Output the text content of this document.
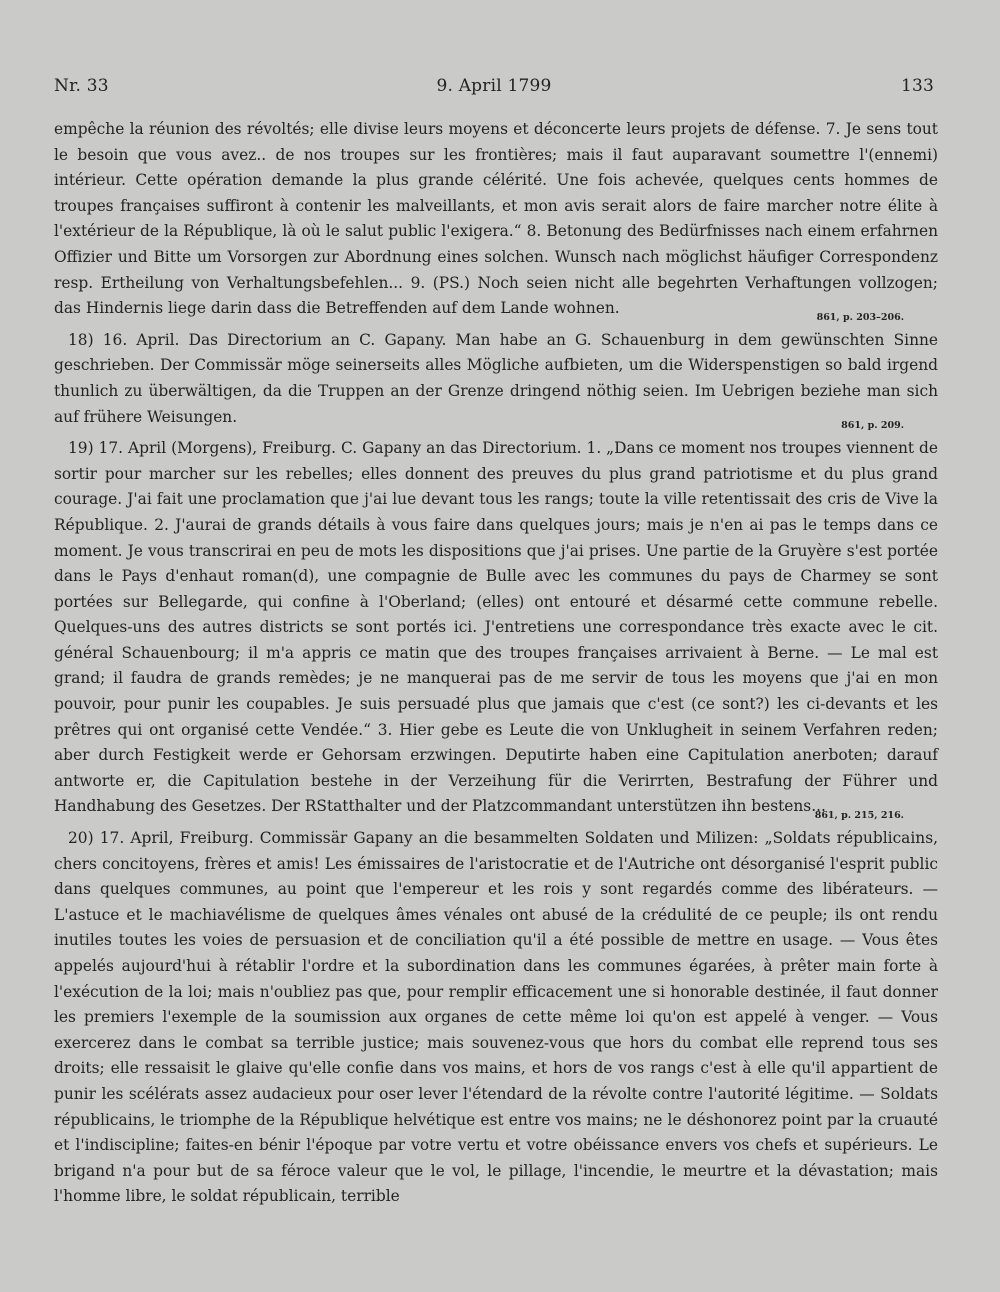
Nr. 33	9. April 1799	133

empêche la réunion des révoltés; elle divise leurs moyens et déconcerte leurs projets de défense. 7. Je sens tout le besoin que vous avez.. de nos troupes sur les frontières; mais il faut auparavant soumettre l'(ennemi) intérieur. Cette opération demande la plus grande célérité. Une fois achevée, quelques cents hommes de troupes françaises suffiront à contenir les malveillants, et mon avis serait alors de faire marcher notre élite à l'extérieur de la République, là où le salut public l'exigera.“ 8. Betonung des Bedürfnisses nach einem erfahrnen Offizier und Bitte um Vorsorgen zur Abordnung eines solchen. Wunsch nach möglichst häufiger Correspondenz resp. Ertheilung von Verhaltungsbefehlen... 9. (PS.) Noch seien nicht alle begehrten Verhaftungen vollzogen; das Hindernis liege darin dass die Betreffenden auf dem Lande wohnen.

861, p. 203–206.

18) 16. April. Das Directorium an C. Gapany. Man habe an G. Schauenburg in dem gewünschten Sinne geschrieben. Der Commissär möge seinerseits alles Mögliche aufbieten, um die Widerspenstigen so bald irgend thunlich zu überwältigen, da die Truppen an der Grenze dringend nöthig seien. Im Uebrigen beziehe man sich auf frühere Weisungen.

861, p. 209.

19) 17. April (Morgens), Freiburg. C. Gapany an das Directorium. 1. „Dans ce moment nos troupes viennent de sortir pour marcher sur les rebelles; elles donnent des preuves du plus grand patriotisme et du plus grand courage. J'ai fait une proclamation que j'ai lue devant tous les rangs; toute la ville retentissait des cris de Vive la République. 2. J'aurai de grands détails à vous faire dans quelques jours; mais je n'en ai pas le temps dans ce moment. Je vous transcrirai en peu de mots les dispositions que j'ai prises. Une partie de la Gruyère s'est portée dans le Pays d'enhaut roman(d), une compagnie de Bulle avec les communes du pays de Charmey se sont portées sur Bellegarde, qui confine à l'Oberland; (elles) ont entouré et désarmé cette commune rebelle. Quelques-uns des autres districts se sont portés ici. J'entretiens une correspondance très exacte avec le cit. général Schauenbourg; il m'a appris ce matin que des troupes françaises arrivaient à Berne. — Le mal est grand; il faudra de grands remèdes; je ne manquerai pas de me servir de tous les moyens que j'ai en mon pouvoir, pour punir les coupables. Je suis persuadé plus que jamais que c'est (ce sont?) les ci-devants et les prêtres qui ont organisé cette Vendée.“ 3. Hier gebe es Leute die von Unklugheit in seinem Verfahren reden; aber durch Festigkeit werde er Gehorsam erzwingen. Deputirte haben eine Capitulation anerboten; darauf antworte er, die Capitulation bestehe in der Verzeihung für die Verirrten, Bestrafung der Führer und Handhabung des Gesetzes. Der RStatthalter und der Platzcommandant unterstützen ihn bestens...

861, p. 215, 216.

20) 17. April, Freiburg. Commissär Gapany an die besammelten Soldaten und Milizen: „Soldats républicains, chers concitoyens, frères et amis! Les émissaires de l'aristocratie et de l'Autriche ont désorganisé l'esprit public dans quelques communes, au point que l'empereur et les rois y sont regardés comme des libérateurs. — L'astuce et le machiavélisme de quelques âmes vénales ont abusé de la crédulité de ce peuple; ils ont rendu inutiles toutes les voies de persuasion et de conciliation qu'il a été possible de mettre en usage. — Vous êtes appelés aujourd'hui à rétablir l'ordre et la subordination dans les communes égarées, à prêter main forte à l'exécution de la loi; mais n'oubliez pas que, pour remplir efficacement une si honorable destinée, il faut donner les premiers l'exemple de la soumission aux organes de cette même loi qu'on est appelé à venger. — Vous exercerez dans le combat sa terrible justice; mais souvenez-vous que hors du combat elle reprend tous ses droits; elle ressaisit le glaive qu'elle confie dans vos mains, et hors de vos rangs c'est à elle qu'il appartient de punir les scélérats assez audacieux pour oser lever l'étendard de la révolte contre l'autorité légitime. — Soldats républicains, le triomphe de la République helvétique est entre vos mains; ne le déshonorez point par la cruauté et l'indiscipline; faites-en bénir l'époque par votre vertu et votre obéissance envers vos chefs et supérieurs. Le brigand n'a pour but de sa féroce valeur que le vol, le pillage, l'incendie, le meurtre et la dévastation; mais l'homme libre, le soldat républicain, terrible
